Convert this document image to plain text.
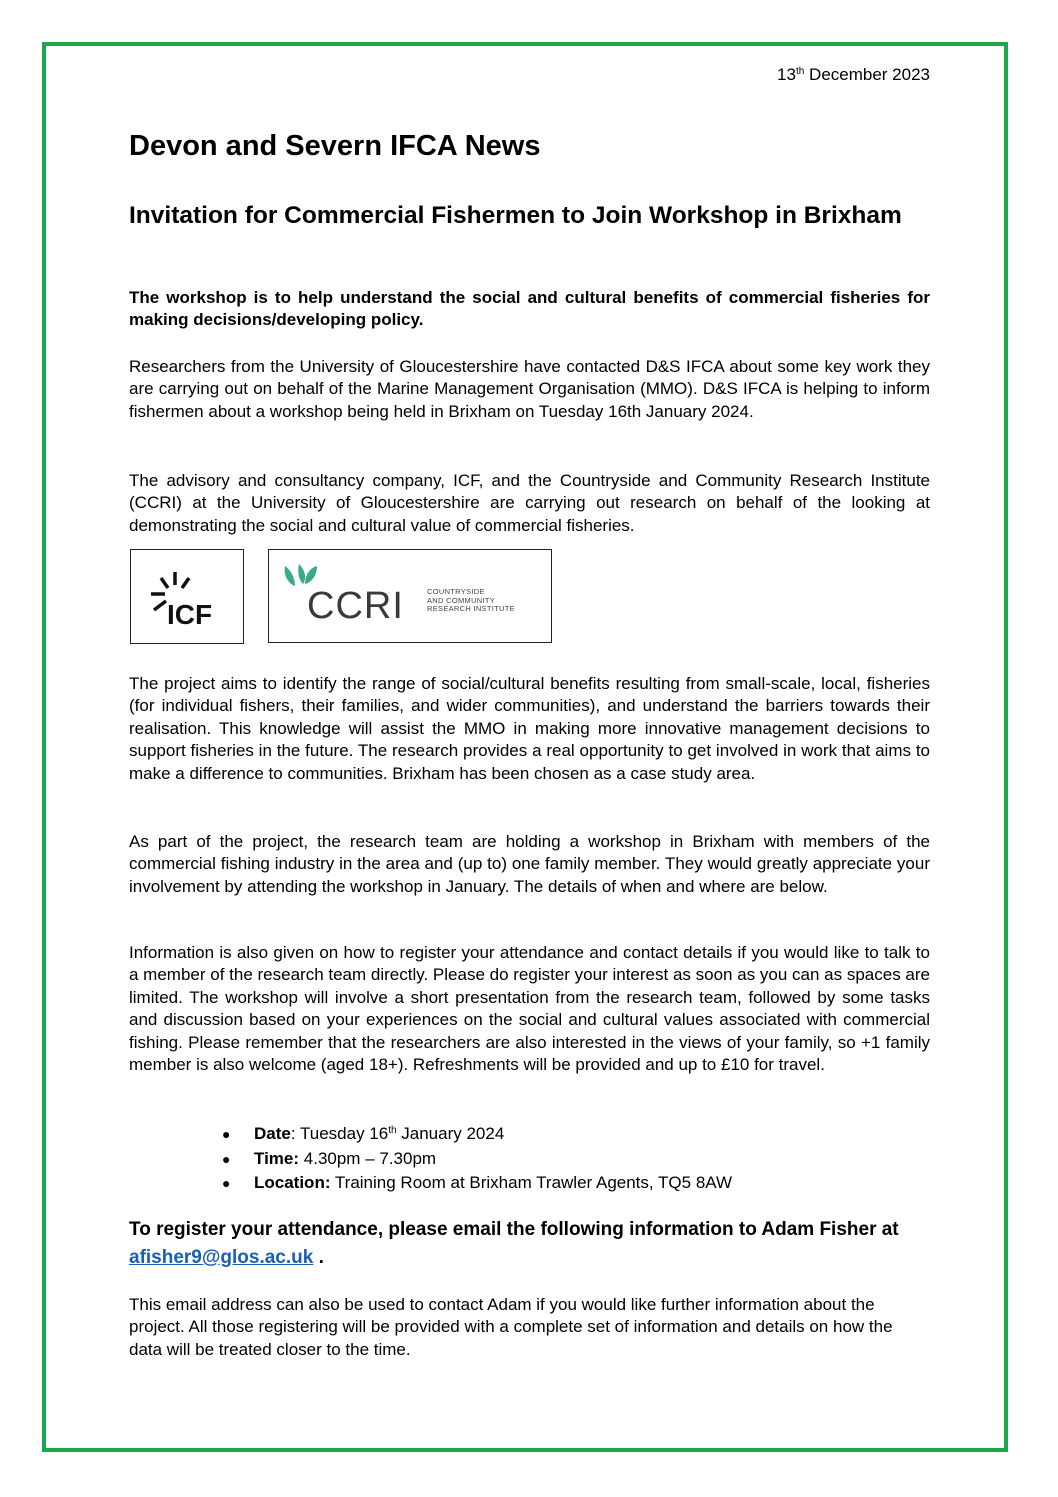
13th December 2023
Devon and Severn IFCA News
Invitation for Commercial Fishermen to Join Workshop in Brixham

The workshop is to help understand the social and cultural benefits of commercial fisheries for making decisions/developing policy.

Researchers from the University of Gloucestershire have contacted D&S IFCA about some key work they are carrying out on behalf of the Marine Management Organisation (MMO). D&S IFCA is helping to inform fishermen about a workshop being held in Brixham on Tuesday 16th January 2024.

The advisory and consultancy company, ICF, and the Countryside and Community Research Institute (CCRI) at the University of Gloucestershire are carrying out research on behalf of the looking at demonstrating the social and cultural value of commercial fisheries.

ICF CCRI	COUNTRYSIDE
AND COMMUNITY
RESEARCH INSTITUTE

The project aims to identify the range of social/cultural benefits resulting from small-scale, local, fisheries (for individual fishers, their families, and wider communities), and understand the barriers towards their realisation. This knowledge will assist the MMO in making more innovative management decisions to support fisheries in the future. The research provides a real opportunity to get involved in work that aims to make a difference to communities. Brixham has been chosen as a case study area.

As part of the project, the research team are holding a workshop in Brixham with members of the commercial fishing industry in the area and (up to) one family member. They would greatly appreciate your involvement by attending the workshop in January. The details of when and where are below.

Information is also given on how to register your attendance and contact details if you would like to talk to a member of the research team directly. Please do register your interest as soon as you can as spaces are limited. The workshop will involve a short presentation from the research team, followed by some tasks and discussion based on your experiences on the social and cultural values associated with commercial fishing. Please remember that the researchers are also interested in the views of your family, so +1 family member is also welcome (aged 18+). Refreshments will be provided and up to £10 for travel.

● Date: Tuesday 16th January 2024
● Time: 4.30pm – 7.30pm
● Location: Training Room at Brixham Trawler Agents, TQ5 8AW

To register your attendance, please email the following information to Adam Fisher at afisher9@glos.ac.uk .

This email address can also be used to contact Adam if you would like further information about the project. All those registering will be provided with a complete set of information and details on how the data will be treated closer to the time.
